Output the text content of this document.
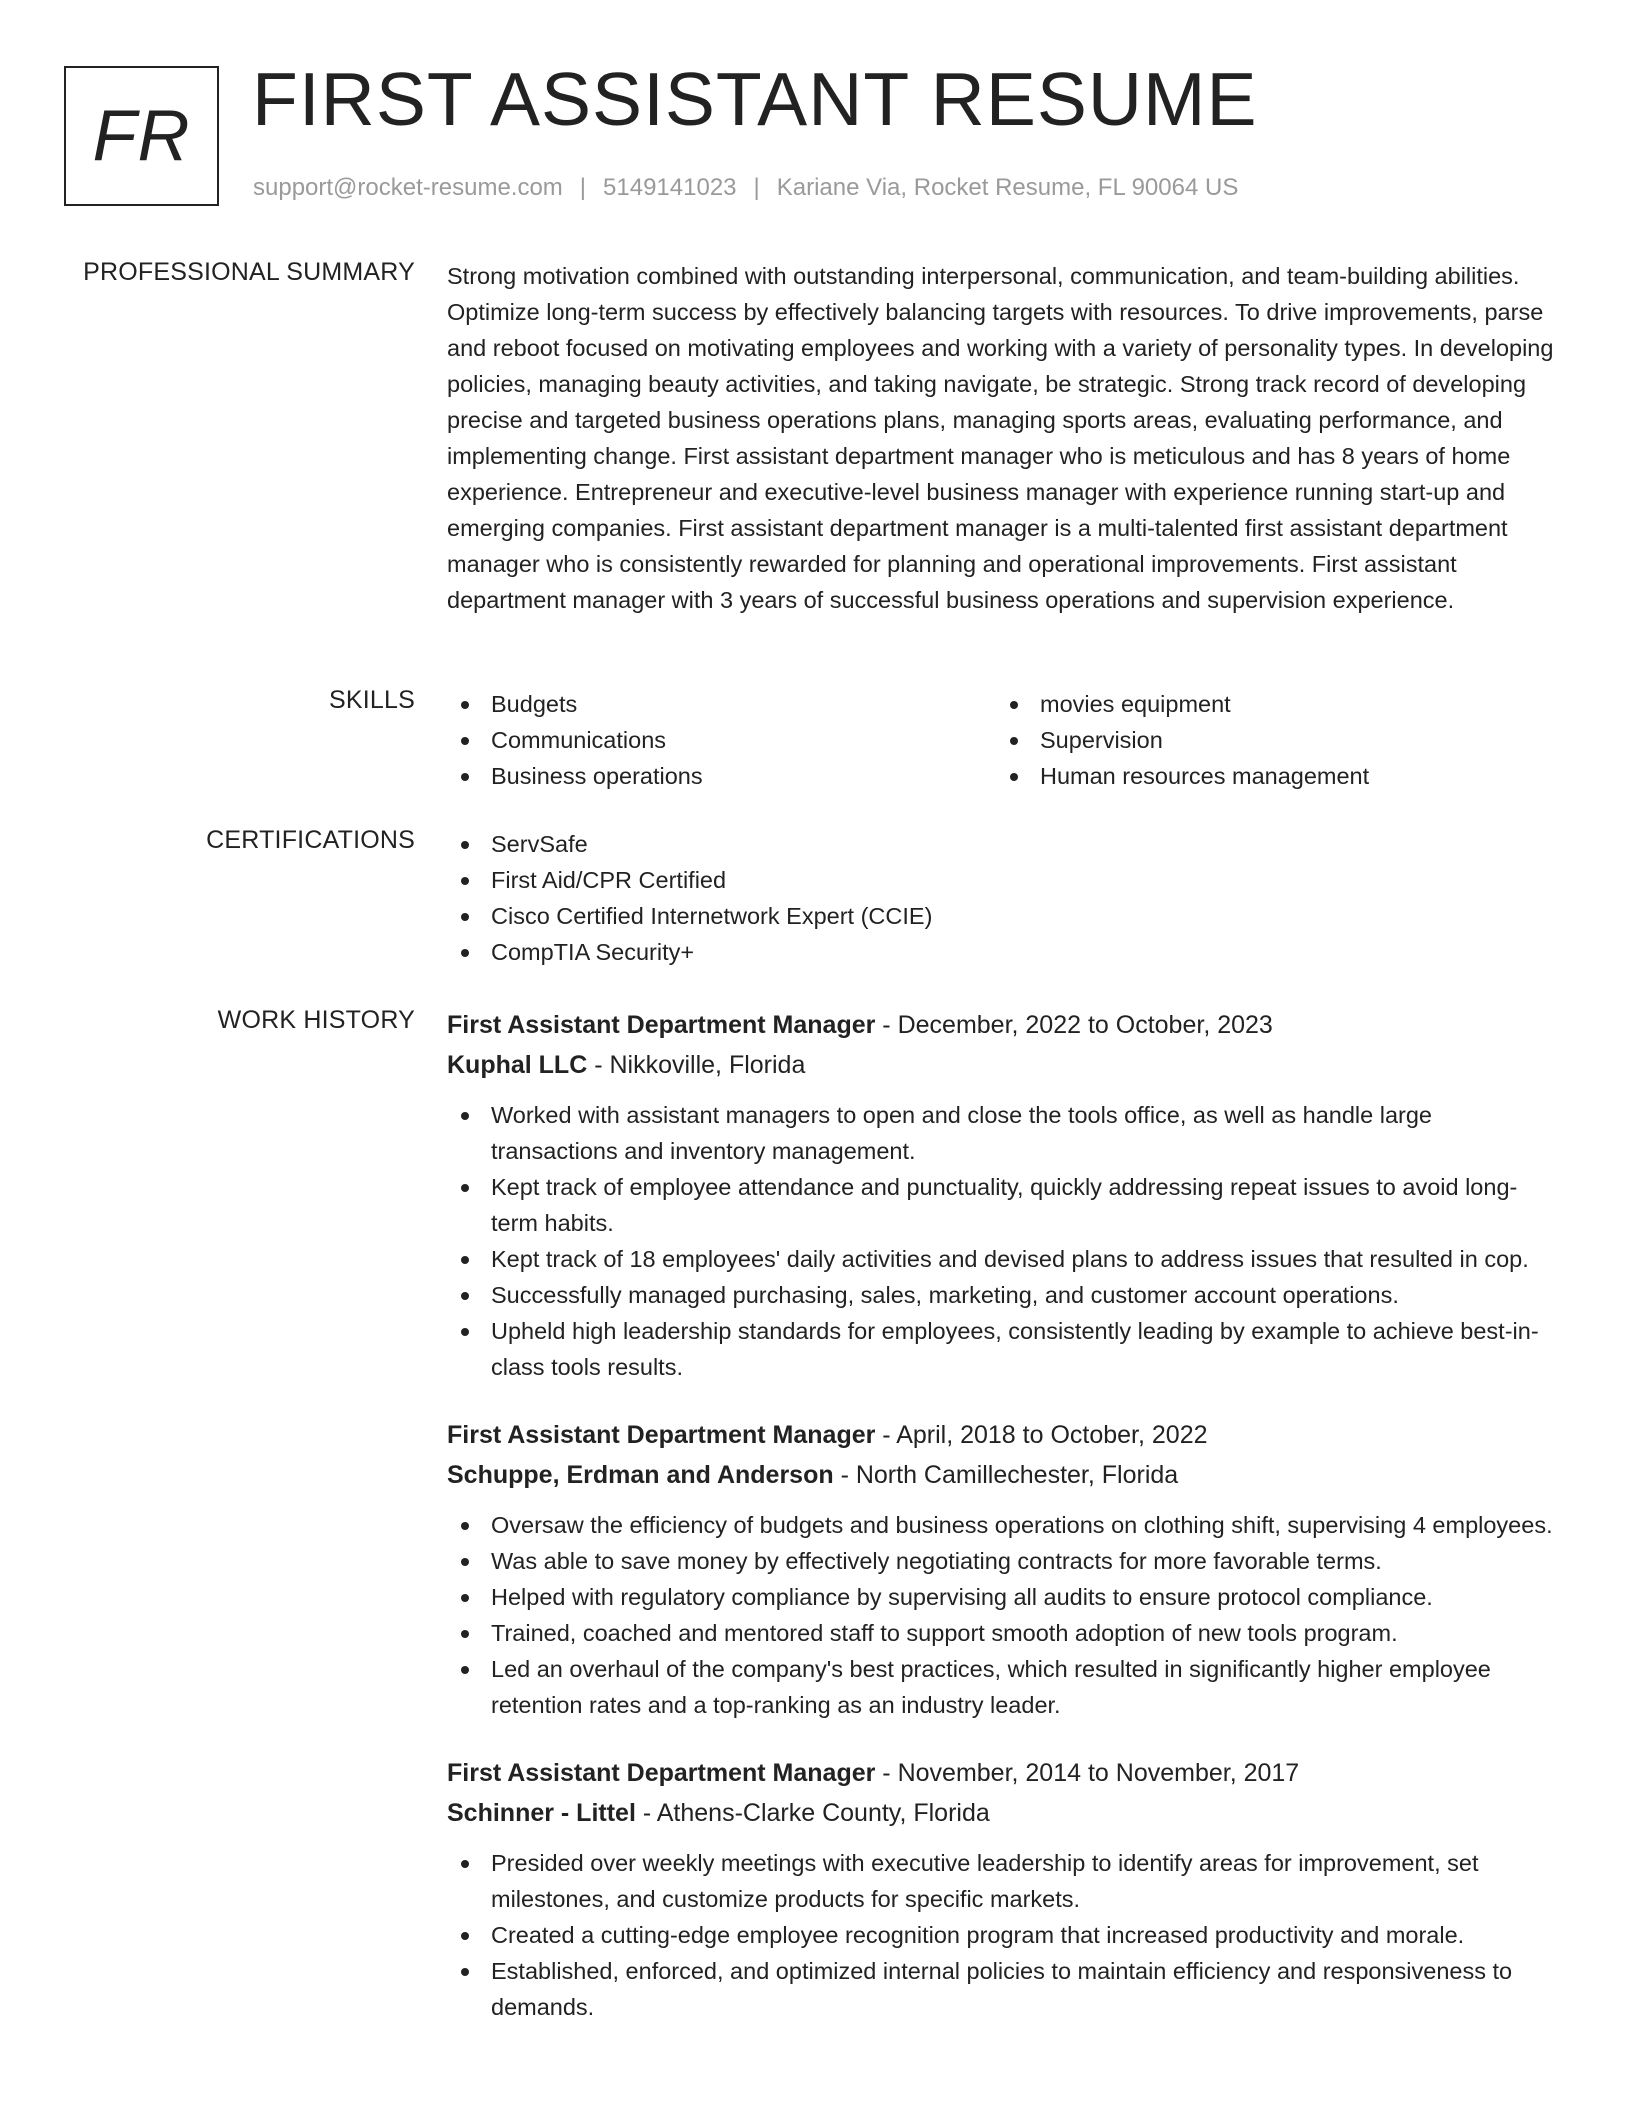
FR FIRST ASSISTANT RESUME
support@rocket-resume.com | 5149141023 | Kariane Via, Rocket Resume, FL 90064 US
PROFESSIONAL SUMMARY Strong motivation combined with outstanding interpersonal, communication, and team-building abilities. Optimize long-term success by effectively balancing targets with resources. To drive improvements, parse and reboot focused on motivating employees and working with a variety of personality types. In developing policies, managing beauty activities, and taking navigate, be strategic. Strong track record of developing precise and targeted business operations plans, managing sports areas, evaluating performance, and implementing change. First assistant department manager who is meticulous and has 8 years of home experience. Entrepreneur and executive-level business manager with experience running start-up and emerging companies. First assistant department manager is a multi-talented first assistant department manager who is consistently rewarded for planning and operational improvements. First assistant department manager with 3 years of successful business operations and supervision experience.

SKILLS	Budgets
Communications
Business operations
movies equipment
Supervision
Human resources management
CERTIFICATIONS	ServSafe
First Aid/CPR Certified
Cisco Certified Internetwork Expert (CCIE)
CompTIA Security+
WORK HISTORY First Assistant Department Manager - December, 2022 to October, 2023
Kuphal LLC - Nikkoville, Florida
Worked with assistant managers to open and close the tools office, as well as handle large transactions and inventory management.
Kept track of employee attendance and punctuality, quickly addressing repeat issues to avoid long-term habits.
Kept track of 18 employees' daily activities and devised plans to address issues that resulted in cop.
Successfully managed purchasing, sales, marketing, and customer account operations.
Upheld high leadership standards for employees, consistently leading by example to achieve best-in-class tools results.
First Assistant Department Manager - April, 2018 to October, 2022
Schuppe, Erdman and Anderson - North Camillechester, Florida
Oversaw the efficiency of budgets and business operations on clothing shift, supervising 4 employees.
Was able to save money by effectively negotiating contracts for more favorable terms.
Helped with regulatory compliance by supervising all audits to ensure protocol compliance.
Trained, coached and mentored staff to support smooth adoption of new tools program.
Led an overhaul of the company's best practices, which resulted in significantly higher employee retention rates and a top-ranking as an industry leader.
First Assistant Department Manager - November, 2014 to November, 2017
Schinner - Littel - Athens-Clarke County, Florida
Presided over weekly meetings with executive leadership to identify areas for improvement, set milestones, and customize products for specific markets.
Created a cutting-edge employee recognition program that increased productivity and morale.
Established, enforced, and optimized internal policies to maintain efficiency and responsiveness to demands.
